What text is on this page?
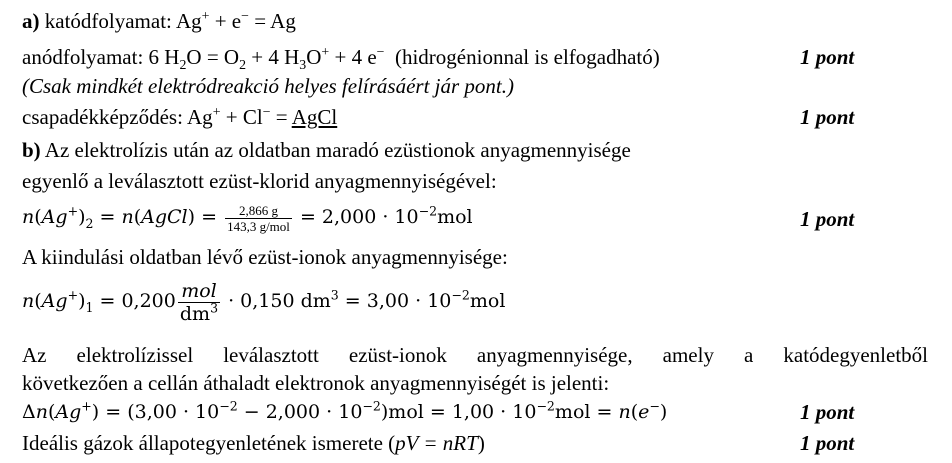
a) katódfolyamat: Ag+ + e− = Ag
anódfolyamat: 6 $H_2O = O_2 + 4$ $H_3O^+ + 4$ e−  (hidrogénionnal is elfogadható)	1 pont
(Csak mindkét elektródreakció helyes felírásáért jár pont.)
csapadékképződés: Ag+ + Cl− = AgCl	1 pont
b) Az elektrolízis után az oldatban maradó ezüstionok anyagmennyisége
egyenlő a leválasztott ezüst-klorid anyagmennyiségével:
$n(Ag^+)_2$ = n(AgCl) = $\frac{2,866 g}{\text{143,3 g/mol}} = 2,000 \cdot 10^{-2}mol$	1 pont
A kiindulási oldatban lévő ezüst-ionok anyagmennyisége:
$n(Ag^+)_1 = 0,200 \frac{\text{mol}}{dm^3} \cdot 0,150$ $dm^3 = 3,00 \cdot 10^{-2}mol$
Az elektrolízissel leválasztott ezüst-ionok anyagmennyisége, amely a katódegyenletből
következően a cellán áthaladt elektronok anyagmennyiségét is jelenti:
$\Delta n(Ag^+) = (3,00 \cdot 10^{-2} - 2,000 \cdot 10^{-2})mol = 1,00 \cdot 10^{-2}mol = n(e^-)$	1 pont
Ideális gázok állapotegyenletének ismerete (pV = nRT)	1 pont
